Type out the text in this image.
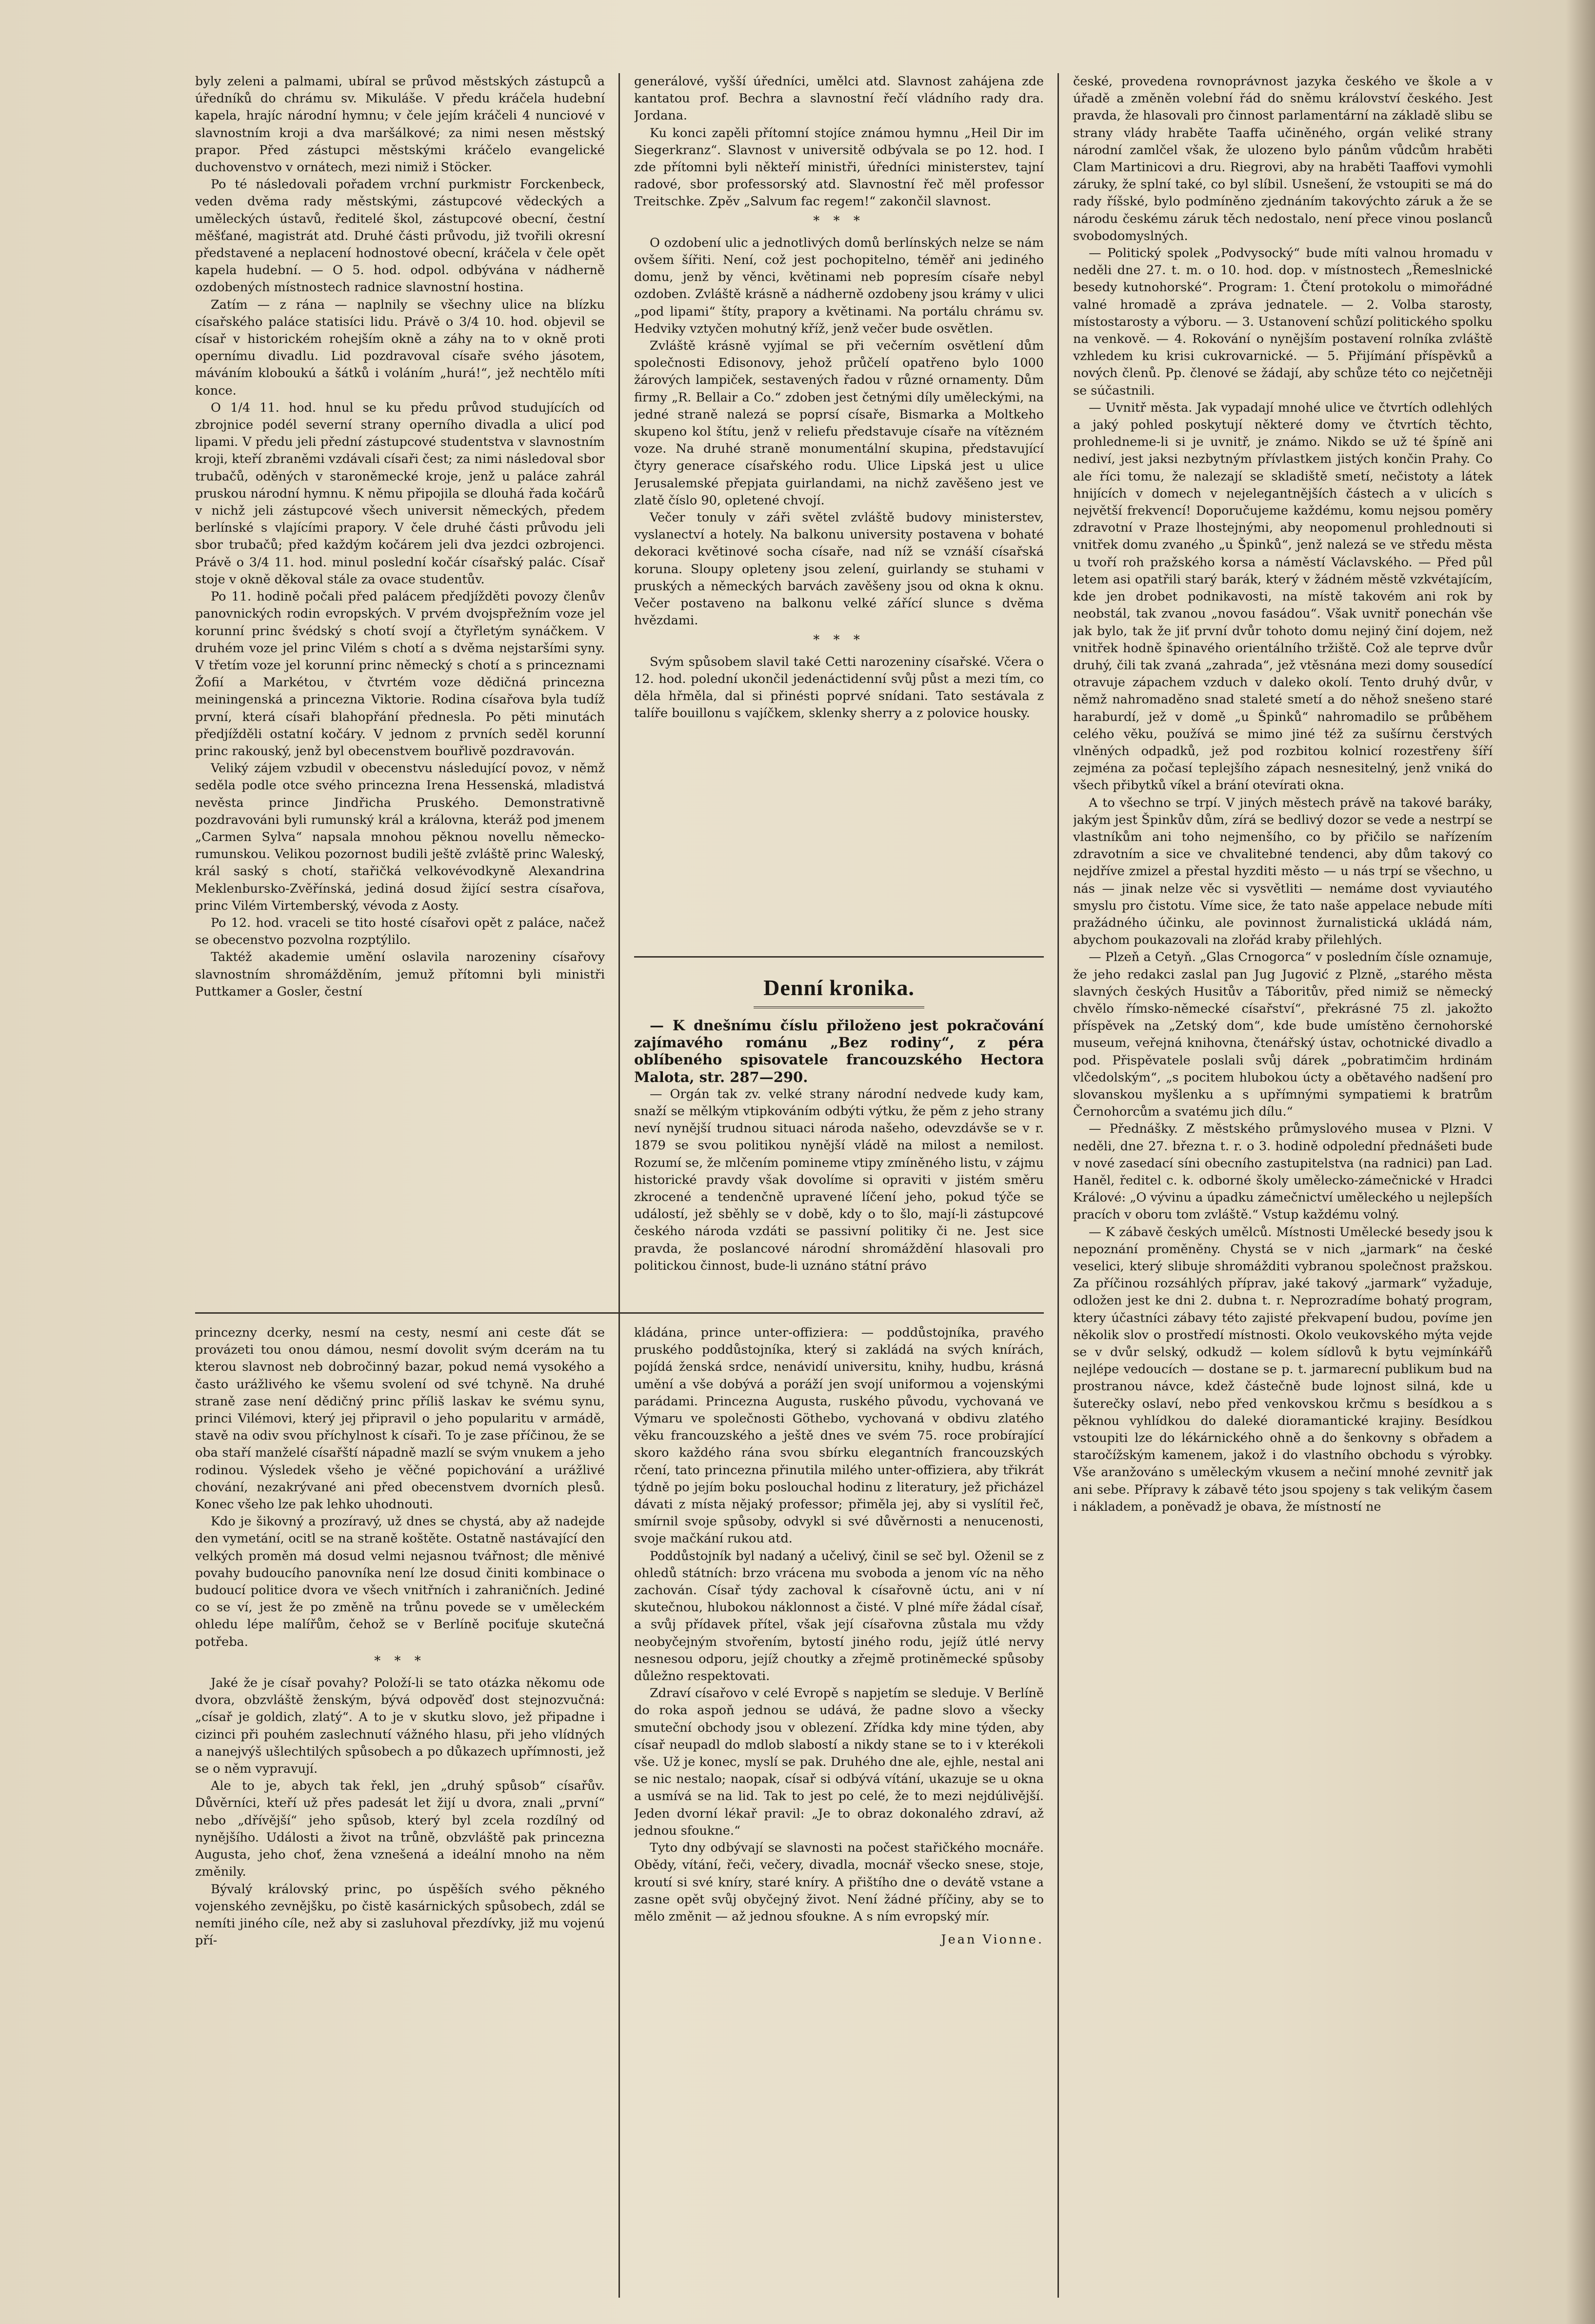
byly zeleni a palmami, ubíral se průvod městských zástupců a úředníků do chrámu sv. Mikuláše. V předu kráčela hudební kapela, hrajíc národní hymnu; v čele jejím kráčeli 4 nunciové v slavnostním kroji a dva maršálkové; za nimi nesen městský prapor. Před zástupci městskými kráčelo evangelické duchovenstvo v ornátech, mezi nimiž i Stöcker.

Po té následovali pořadem vrchní purkmistr Forckenbeck, veden dvěma rady městskými, zástupcové vědeckých a uměleckých ústavů, ředitelé škol, zástupcové obecní, čestní měšťané, magistrát atd. Druhé části průvodu, již tvořili okresní představené a neplacení hodnostové obecní, kráčela v čele opět kapela hudební. — O 5. hod. odpol. odbývána v nádherně ozdobených místnostech radnice slavnostní hostina.

Zatím — z rána — naplnily se všechny ulice na blízku císařského paláce statisíci lidu. Právě o 3/4 10. hod. objevil se císař v historickém rohejším okně a záhy na to v okně proti opernímu divadlu. Lid pozdravoval císaře svého jásotem, máváním kloboukú a šátků i voláním „hurá!“, jež nechtělo míti konce.

O 1/4 11. hod. hnul se ku předu průvod studujících od zbrojnice podél severní strany operního divadla a ulicí pod lipami. V předu jeli přední zástupcové studentstva v slavnostním kroji, kteří zbraněmi vzdávali císaři čest; za nimi následoval sbor trubačů, oděných v staroněmecké kroje, jenž u paláce zahrál pruskou národní hymnu. K němu připojila se dlouhá řada kočárů v nichž jeli zástupcové všech universit německých, předem berlínské s vlajícími prapory. V čele druhé části průvodu jeli sbor trubačů; před každým kočárem jeli dva jezdci ozbrojenci. Právě o 3/4 11. hod. minul poslední kočár císařský palác. Císař stoje v okně děkoval stále za ovace studentův.

Po 11. hodině počali před palácem předjížděti povozy členův panovnických rodin evropských. V prvém dvojspřežním voze jel korunní princ švédský s chotí svojí a čtyřletým synáčkem. V druhém voze jel princ Vilém s chotí a s dvěma nejstaršími syny. V třetím voze jel korunní princ německý s chotí a s princeznami Žofií a Markétou, v čtvrtém voze dědičná princezna meiningenská a princezna Viktorie. Rodina císařova byla tudíž první, která císaři blahopřání přednesla. Po pěti minutách předjížděli ostatní kočáry. V jednom z prvních seděl korunní princ rakouský, jenž byl obecenstvem bouřlivě pozdravován.

Veliký zájem vzbudil v obecenstvu následující povoz, v němž seděla podle otce svého princezna Irena Hessenská, mladistvá nevěsta prince Jindřicha Pruského. Demonstrativně pozdravováni byli rumunský král a královna, kteráž pod jmenem „Carmen Sylva“ napsala mnohou pěknou novellu německo-rumunskou. Velikou pozornost budili ještě zvláště princ Waleský, král saský s chotí, stařičká velkovévodkyně Alexandrina Meklenbursko-Zvěřínská, jediná dosud žijící sestra císařova, princ Vilém Virtemberský, vévoda z Aosty.

Po 12. hod. vraceli se tito hosté císařovi opět z paláce, načež se obecenstvo pozvolna rozptýlilo.

Taktéž akademie umění oslavila narozeniny císařovy slavnostním shromážděním, jemuž přítomni byli ministři Puttkamer a Gosler, čestní

generálové, vyšší úředníci, umělci atd. Slavnost zahájena zde kantatou prof. Bechra a slavnostní řečí vládního rady dra. Jordana.

Ku konci zapěli přítomní stojíce známou hymnu „Heil Dir im Siegerkranz“. Slavnost v universitě odbývala se po 12. hod. I zde přítomni byli někteří ministři, úředníci ministerstev, tajní radové, sbor professorský atd. Slavnostní řeč měl professor Treitschke. Zpěv „Salvum fac regem!“ zakončil slavnost.

* * *

O ozdobení ulic a jednotlivých domů berlínských nelze se nám ovšem šířiti. Není, což jest pochopitelno, téměř ani jediného domu, jenž by věnci, květinami neb popresím císaře nebyl ozdoben. Zvláště krásně a nádherně ozdobeny jsou krámy v ulici „pod lipami“ štíty, prapory a květinami. Na portálu chrámu sv. Hedviky vztyčen mohutný kříž, jenž večer bude osvětlen.

Zvláště krásně vyjímal se při večerním osvětlení dům společnosti Edisonovy, jehož průčelí opatřeno bylo 1000 žárových lampiček, sestavených řadou v různé ornamenty. Dům firmy „R. Bellair a Co.“ zdoben jest četnými díly uměleckými, na jedné straně nalezá se poprsí císaře, Bismarka a Moltkeho skupeno kol štítu, jenž v reliefu představuje císaře na vítězném voze. Na druhé straně monumentální skupina, představující čtyry generace císařského rodu. Ulice Lipská jest u ulice Jerusalemské přepjata guirlandami, na nichž zavěšeno jest ve zlatě číslo 90, opletené chvojí.

Večer tonuly v záři světel zvláště budovy ministerstev, vyslanectví a hotely. Na balkonu university postavena v bohaté dekoraci květinové socha císaře, nad níž se vznáší císařská koruna. Sloupy opleteny jsou zelení, guirlandy se stuhami v pruských a německých barvách zavěšeny jsou od okna k oknu. Večer postaveno na balkonu velké zářící slunce s dvěma hvězdami.

* * *

Svým spůsobem slavil také Cetti narozeniny císařské. Včera o 12. hod. polední ukončil jedenáctidenní svůj půst a mezi tím, co děla hřměla, dal si přinésti poprvé snídani. Tato sestávala z talíře bouillonu s vajíčkem, sklenky sherry a z polovice housky.

Denní kronika.

— K dnešnímu číslu přiloženo jest pokračování zajímavého románu „Bez rodiny“, z péra oblíbeného spisovatele francouzského Hectora Malota, str. 287—290.

— Orgán tak zv. velké strany národní nedvede kudy kam, snaží se mělkým vtipkováním odbýti výtku, že pěm z jeho strany neví nynější trudnou situaci národa našeho, odevzdávše se v r. 1879 se svou politikou nynější vládě na milost a nemilost. Rozumí se, že mlčením pomineme vtipy zmíněného listu, v zájmu historické pravdy však dovolíme si opraviti v jistém směru zkrocené a tendenčně upravené líčení jeho, pokud týče se událostí, jež sběhly se v době, kdy o to šlo, mají-li zástupcové českého národa vzdáti se passivní politiky či ne. Jest sice pravda, že poslancové národní shromáždění hlasovali pro politickou činnost, bude-li uznáno státní právo

české, provedena rovnoprávnost jazyka českého ve škole a v úřadě a změněn volební řád do sněmu království českého. Jest pravda, že hlasovali pro činnost parlamentární na základě slibu se strany vlády hraběte Taaffa učiněného, orgán veliké strany národní zamlčel však, že ulozeno bylo pánům vůdcům hraběti Clam Martinicovi a dru. Riegrovi, aby na hraběti Taaffovi vymohli záruky, že splní také, co byl slíbil. Usnešení, že vstoupiti se má do rady říšské, bylo podmíněno zjednáním takovýchto záruk a že se národu českému záruk těch nedostalo, není přece vinou poslanců svobodomyslných.

— Politický spolek „Podvysocký“ bude míti valnou hromadu v neděli dne 27. t. m. o 10. hod. dop. v místnostech „Řemeslnické besedy kutnohorské“. Program: 1. Čtení protokolu o mimořádné valné hromadě a zpráva jednatele. — 2. Volba starosty, místostarosty a výboru. — 3. Ustanovení schůzí politického spolku na venkově. — 4. Rokování o nynějším postavení rolníka zvláště vzhledem ku krisi cukrovarnické. — 5. Přijímání příspěvků a nových členů. Pp. členové se žádají, aby schůze této co nejčetněji se súčastnili.

— Uvnitř města. Jak vypadají mnohé ulice ve čtvrtích odlehlých a jaký pohled poskytují některé domy ve čtvrtích těchto, prohledneme-li si je uvnitř, je známo. Nikdo se už té špíně ani nediví, jest jaksi nezbytným přívlastkem jistých končin Prahy. Co ale říci tomu, že nalezají se skladiště smetí, nečistoty a látek hnijících v domech v nejelegantnějších částech a v ulicích s největší frekvencí! Doporučujeme každému, komu nejsou poměry zdravotní v Praze lhostejnými, aby neopomenul prohlednouti si vnitřek domu zvaného „u Špinků“, jenž nalezá se ve středu města u tvoří roh pražského korsa a náměstí Václavského. — Před půl letem asi opatřili starý barák, který v žádném městě vzkvétajícím, kde jen drobet podnikavosti, na místě takovém ani rok by neobstál, tak zvanou „novou fasádou“. Však uvnitř ponechán vše jak bylo, tak že jiť první dvůr tohoto domu nejiný činí dojem, než vnitřek hodně špinavého orientálního tržiště. Což ale teprve dvůr druhý, čili tak zvaná „zahrada“, jež vtěsnána mezi domy sousedící otravuje zápachem vzduch v daleko okolí. Tento druhý dvůr, v němž nahromaděno snad staleté smetí a do něhož snešeno staré haraburdí, jež v domě „u Špinků“ nahromadilo se průběhem celého věku, používá se mimo jiné též za sušírnu čerstvých vlněných odpadků, jež pod rozbitou kolnicí rozestřeny šíří zejména za počasí teplejšího zápach nesnesitelný, jenž vniká do všech přibytků víkel a brání otevírati okna.

A to všechno se trpí. V jiných městech právě na takové baráky, jakým jest Špinkův dům, zírá se bedlivý dozor se vede a nestrpí se vlastníkům ani toho nejmenšího, co by přičilo se nařízením zdravotním a sice ve chvalitebné tendenci, aby dům takový co nejdříve zmizel a přestal hyzditi město — u nás trpí se všechno, u nás — jinak nelze věc si vysvětliti — nemáme dost vyviautého smyslu pro čistotu. Víme sice, že tato naše appelace nebude míti pražádného účinku, ale povinnost žurnalistická ukládá nám, abychom poukazovali na zlořád kraby přilehlých.

— Plzeň a Cetyň. „Glas Crnogorca“ v posledním čísle oznamuje, že jeho redakci zaslal pan Jug Jugović z Plzně, „starého města slavných českých Husitův a Táboritův, před nimiž se německý chvělo římsko-německé císařství“, překrásné 75 zl. jakožto příspěvek na „Zetský dom“, kde bude umístěno černohorské museum, veřejná knihovna, čtenářský ústav, ochotnické divadlo a pod. Přispěvatele poslali svůj dárek „pobratimčim hrdinám vlčedolským“, „s pocitem hlubokou úcty a obětavého nadšení pro slovanskou myšlenku a s upřímnými sympatiemi k bratrům Černohorcům a svatému jich dílu.“

— Přednášky. Z městského průmyslového musea v Plzni. V neděli, dne 27. března t. r. o 3. hodině odpolední přednášeti bude v nové zasedací síni obecního zastupitelstva (na radnici) pan Lad. Haněl, ředitel c. k. odborné školy umělecko-zámečnické v Hradci Králové: „O vývinu a úpadku zámečnictví uměleckého u nejlepších pracích v oboru tom zvláště.“ Vstup každému volný.

— K zábavě českých umělců. Místnosti Umělecké besedy jsou k nepoznání proměněny. Chystá se v nich „jarmark“ na české veselici, který slibuje shromážditi vybranou společnost pražskou. Za příčinou rozsáhlých příprav, jaké takový „jarmark“ vyžaduje, odložen jest ke dni 2. dubna t. r. Neprozradíme bohatý program, ktery účastníci zábavy této zajisté překvapení budou, povíme jen několik slov o prostředí místnosti. Okolo veukovského mýta vejde se v dvůr selský, odkudž — kolem sídlovů k bytu vejmínkářů nejlépe vedoucích — dostane se p. t. jarmarecní publikum bud na prostranou návce, kdež částečně bude lojnost silná, kde u šuterečky oslaví, nebo před venkovskou krčmu s besídkou a s pěknou vyhlídkou do daleké dioramantické krajiny. Besídkou vstoupiti lze do lékárnického ohně a do šenkovny s obřadem a staročížským kamenem, jakož i do vlastního obchodu s výrobky. Vše aranžováno s uměleckým vkusem a nečiní mnohé zevnitř jak ani sebe. Přípravy k zábavě této jsou spojeny s tak velikým časem i nákladem, a poněvadž je obava, že místností ne

princezny dcerky, nesmí na cesty, nesmí ani ceste ďát se provázeti tou onou dámou, nesmí dovolit svým dcerám na tu kterou slavnost neb dobročinný bazar, pokud nemá vysokého a často urážlivého ke všemu svolení od své tchyně. Na druhé straně zase není dědičný princ příliš laskav ke svému synu, princi Vilémovi, který jej připravil o jeho popularitu v armádě, stavě na odiv svou příchylnost k císaři. To je zase příčinou, že se oba staří manželé císařští nápadně mazlí se svým vnukem a jeho rodinou. Výsledek všeho je věčné popichování a urážlivé chování, nezakrývané ani před obecenstvem dvorních plesů. Konec všeho lze pak lehko uhodnouti.

Kdo je šikovný a prozíravý, už dnes se chystá, aby až nadejde den vymetání, ocitl se na straně koštěte. Ostatně nastávající den velkých proměn má dosud velmi nejasnou tvářnost; dle měnivé povahy budoucího panovníka není lze dosud činiti kombinace o budoucí politice dvora ve všech vnitřních i zahraničních. Jediné co se ví, jest že po změně na trůnu povede se v uměleckém ohledu lépe malířům, čehož se v Berlíně pociťuje skutečná potřeba.

* * *

Jaké že je císař povahy? Položí-li se tato otázka někomu ode dvora, obzvláště ženským, bývá odpověď dost stejnozvučná: „císař je goldich, zlatý“. A to je v skutku slovo, jež připadne i cizinci při pouhém zaslechnutí vážného hlasu, při jeho vlídných a nanejvýš ušlechtilých spůsobech a po důkazech upřímnosti, jež se o něm vypravují.

Ale to je, abych tak řekl, jen „druhý spůsob“ císařův. Důvěrníci, kteří už přes padesát let žijí u dvora, znali „první“ nebo „dřívější“ jeho spůsob, který byl zcela rozdílný od nynějšího. Události a život na trůně, obzvláště pak princezna Augusta, jeho choť, žena vznešená a ideální mnoho na něm změnily.

Bývalý královský princ, po úspěších svého pěkného vojenského zevnějšku, po čistě kasárnických spůsobech, zdál se nemíti jiného cíle, než aby si zasluhoval přezdívky, již mu vojenú pří-

kládána, prince unter-offiziera: — poddůstojníka, pravého pruského poddůstojníka, který si zakládá na svých knírách, pojídá ženská srdce, nenávidí universitu, knihy, hudbu, krásná umění a vše dobývá a poráží jen svojí uniformou a vojenskými parádami. Princezna Augusta, ruského původu, vychovaná ve Výmaru ve společnosti Göthebo, vychovaná v obdivu zlatého věku francouzského a ještě dnes ve svém 75. roce probírající skoro každého rána svou sbírku elegantních francouzských rčení, tato princezna přinutila milého unter-offiziera, aby třikrát týdně po jejím boku poslouchal hodinu z literatury, jež přicházel dávati z místa nějaký professor; přiměla jej, aby si vyslítil řeč, smírnil svoje spůsoby, odvykl si své důvěrnosti a nenucenosti, svoje mačkání rukou atd.

Poddůstojník byl nadaný a učelivý, činil se seč byl. Oženil se z ohledů státních: brzo vrácena mu svoboda a jenom víc na něho zachován. Císař týdy zachoval k císařovně úctu, ani v ní skutečnou, hlubokou náklonnost a čisté. V plné míře žádal císař, a svůj přídavek přítel, však její císařovna zůstala mu vždy neobyčejným stvořením, bytostí jiného rodu, jejíž útlé nervy nesnesou odporu, jejíž choutky a zřejmě protiněmecké spůsoby důležno respektovati.

Zdraví císařovo v celé Evropě s napjetím se sleduje. V Berlíně do roka aspoň jednou se udává, že padne slovo a všecky smuteční obchody jsou v oblezení. Zřídka kdy mine týden, aby císař neupadl do mdlob slabostí a nikdy stane se to i v kterékoli vše. Už je konec, myslí se pak. Druhého dne ale, ejhle, nestal ani se nic nestalo; naopak, císař si odbývá vítání, ukazuje se u okna a usmívá se na lid. Tak to jest po celé, že to mezi nejdúlivější. Jeden dvorní lékař pravil: „Je to obraz dokonalého zdraví, až jednou sfoukne.“

Tyto dny odbývají se slavnosti na počest stařičkého mocnáře. Obědy, vítání, řeči, večery, divadla, mocnář všecko snese, stoje, kroutí si své kníry, staré kníry. A přištího dne o devátě vstane a zasne opět svůj obyčejný život. Není žádné příčiny, aby se to mělo změnit — až jednou sfoukne. A s ním evropský mír.

Jean Vionne.
